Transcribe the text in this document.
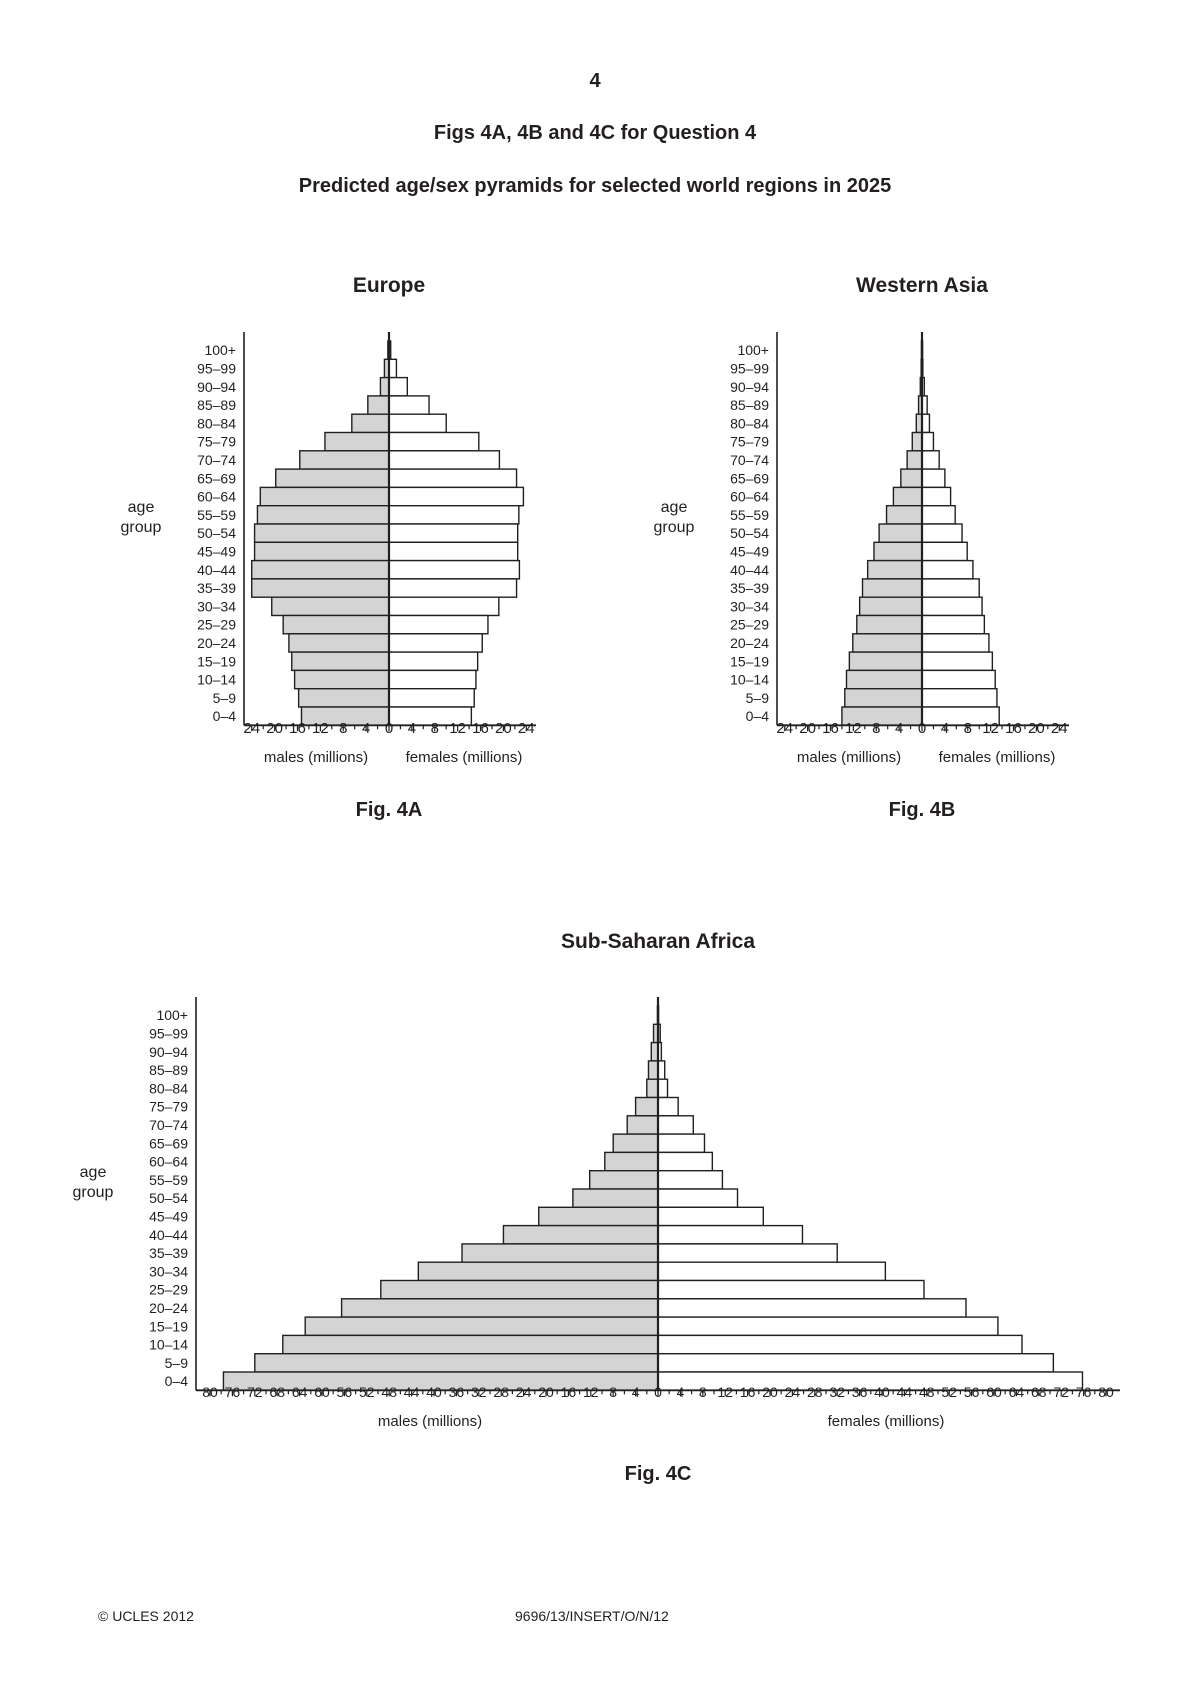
4
Figs 4A, 4B and 4C for Question 4
Predicted age/sex pyramids for selected world regions in 2025
Europe
age
group
100+
95–99
90–94
85–89
80–84
75–79
70–74
65–69
60–64
55–59
50–54
45–49
40–44
35–39
30–34
25–29
20–24
15–19
10–14
5–9
0–4
24 20 16 12 8 4 0 4 8 12 16 20 24
males (millions)	females (millions)
Fig. 4A
Western Asia
age
group
100+
95–99
90–94
85–89
80–84
75–79
70–74
65–69
60–64
55–59
50–54
45–49
40–44
35–39
30–34
25–29
20–24
15–19
10–14
5–9
0–4
24 20 16 12 8 4 0 4 8 12 16 20 24
males (millions)	females (millions)
Fig. 4B
Sub-Saharan Africa
age
group
100+
95–99
90–94
85–89
80–84
75–79
70–74
65–69
60–64
55–59
50–54
45–49
40–44
35–39
30–34
25–29
20–24
15–19
10–14
5–9
0–4
80 76 72 68 64 60 56 52 48 44 40 36 32 28 24 20 16 12 8 4 0 4 8 12 16 20 24 28 32 36 40 44 48 52 56 60 64 68 72 76 80
males (millions)	females (millions)
Fig. 4C
© UCLES 2012	9696/13/INSERT/O/N/12
